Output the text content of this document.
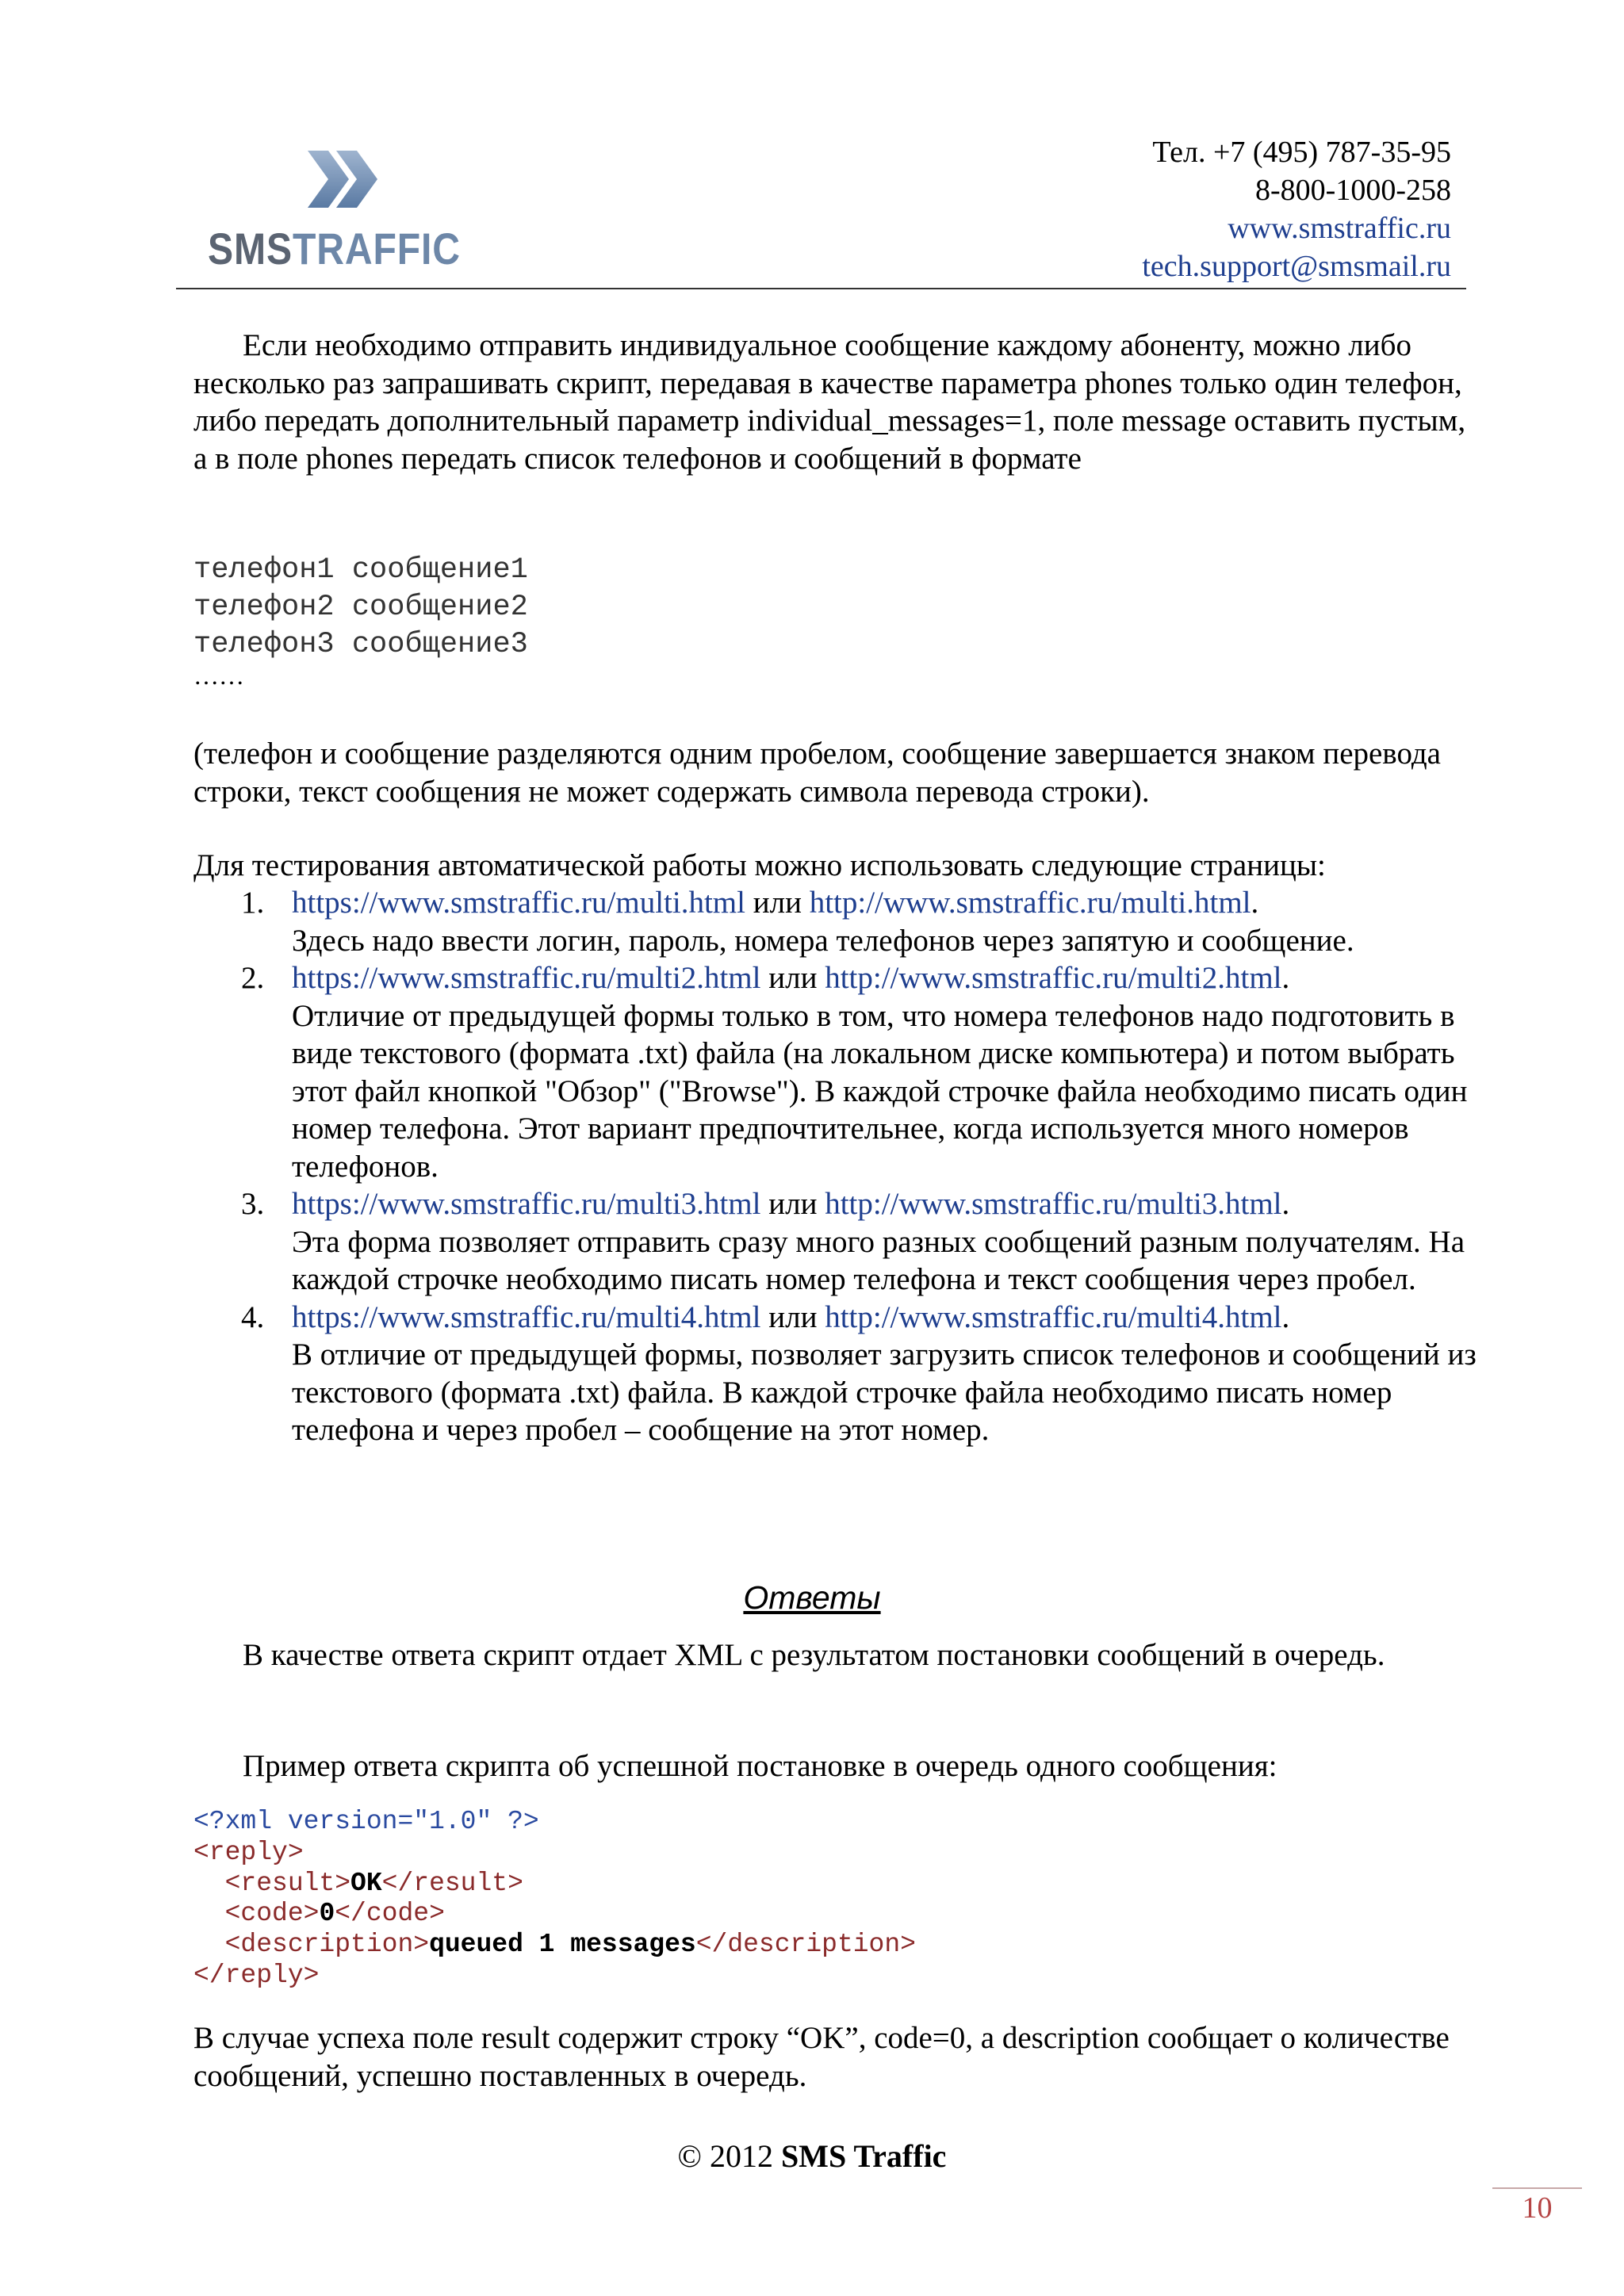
SMSTRAFFIC
Тел. +7 (495) 787-35-95
8-800-1000-258
www.smstraffic.ru
tech.support@smsmail.ru

Если необходимо отправить индивидуальное сообщение каждому абоненту, можно либо несколько раз запрашивать скрипт, передавая в качестве параметра phones только один телефон, либо передать дополнительный параметр individual_messages=1, поле message оставить пустым, а в поле phones передать список телефонов и сообщений в формате

телефон1 сообщение1
телефон2 сообщение2
телефон3 сообщение3
……

(телефон и сообщение разделяются одним пробелом, сообщение завершается знаком перевода строки, текст сообщения не может содержать символа перевода строки).

Для тестирования автоматической работы можно использовать следующие страницы:

1. https://www.smstraffic.ru/multi.html или http://www.smstraffic.ru/multi.html.
Здесь надо ввести логин, пароль, номера телефонов через запятую и сообщение.
2. https://www.smstraffic.ru/multi2.html или http://www.smstraffic.ru/multi2.html.
Отличие от предыдущей формы только в том, что номера телефонов надо подготовить в виде текстового (формата .txt) файла (на локальном диске компьютера) и потом выбрать этот файл кнопкой "Обзор" ("Browse"). В каждой строчке файла необходимо писать один номер телефона. Этот вариант предпочтительнее, когда используется много номеров телефонов.
3. https://www.smstraffic.ru/multi3.html или http://www.smstraffic.ru/multi3.html.
Эта форма позволяет отправить сразу много разных сообщений разным получателям. На каждой строчке необходимо писать номер телефона и текст сообщения через пробел.
4. https://www.smstraffic.ru/multi4.html или http://www.smstraffic.ru/multi4.html.
В отличие от предыдущей формы, позволяет загрузить список телефонов и сообщений из текстового (формата .txt) файла. В каждой строчке файла необходимо писать номер телефона и через пробел – сообщение на этот номер.
Ответы

В качестве ответа скрипт отдает XML с результатом постановки сообщений в очередь.

Пример ответа скрипта об успешной постановке в очередь одного сообщения:

<?xml version="1.0" ?>
<reply>
<result>OK</result>
<code>0</code>
<description>queued 1 messages</description>
</reply>

В случае успеха поле result содержит строку “OK”, code=0, а description сообщает о количестве сообщений, успешно поставленных в очередь.

© 2012 SMS Traffic
10
